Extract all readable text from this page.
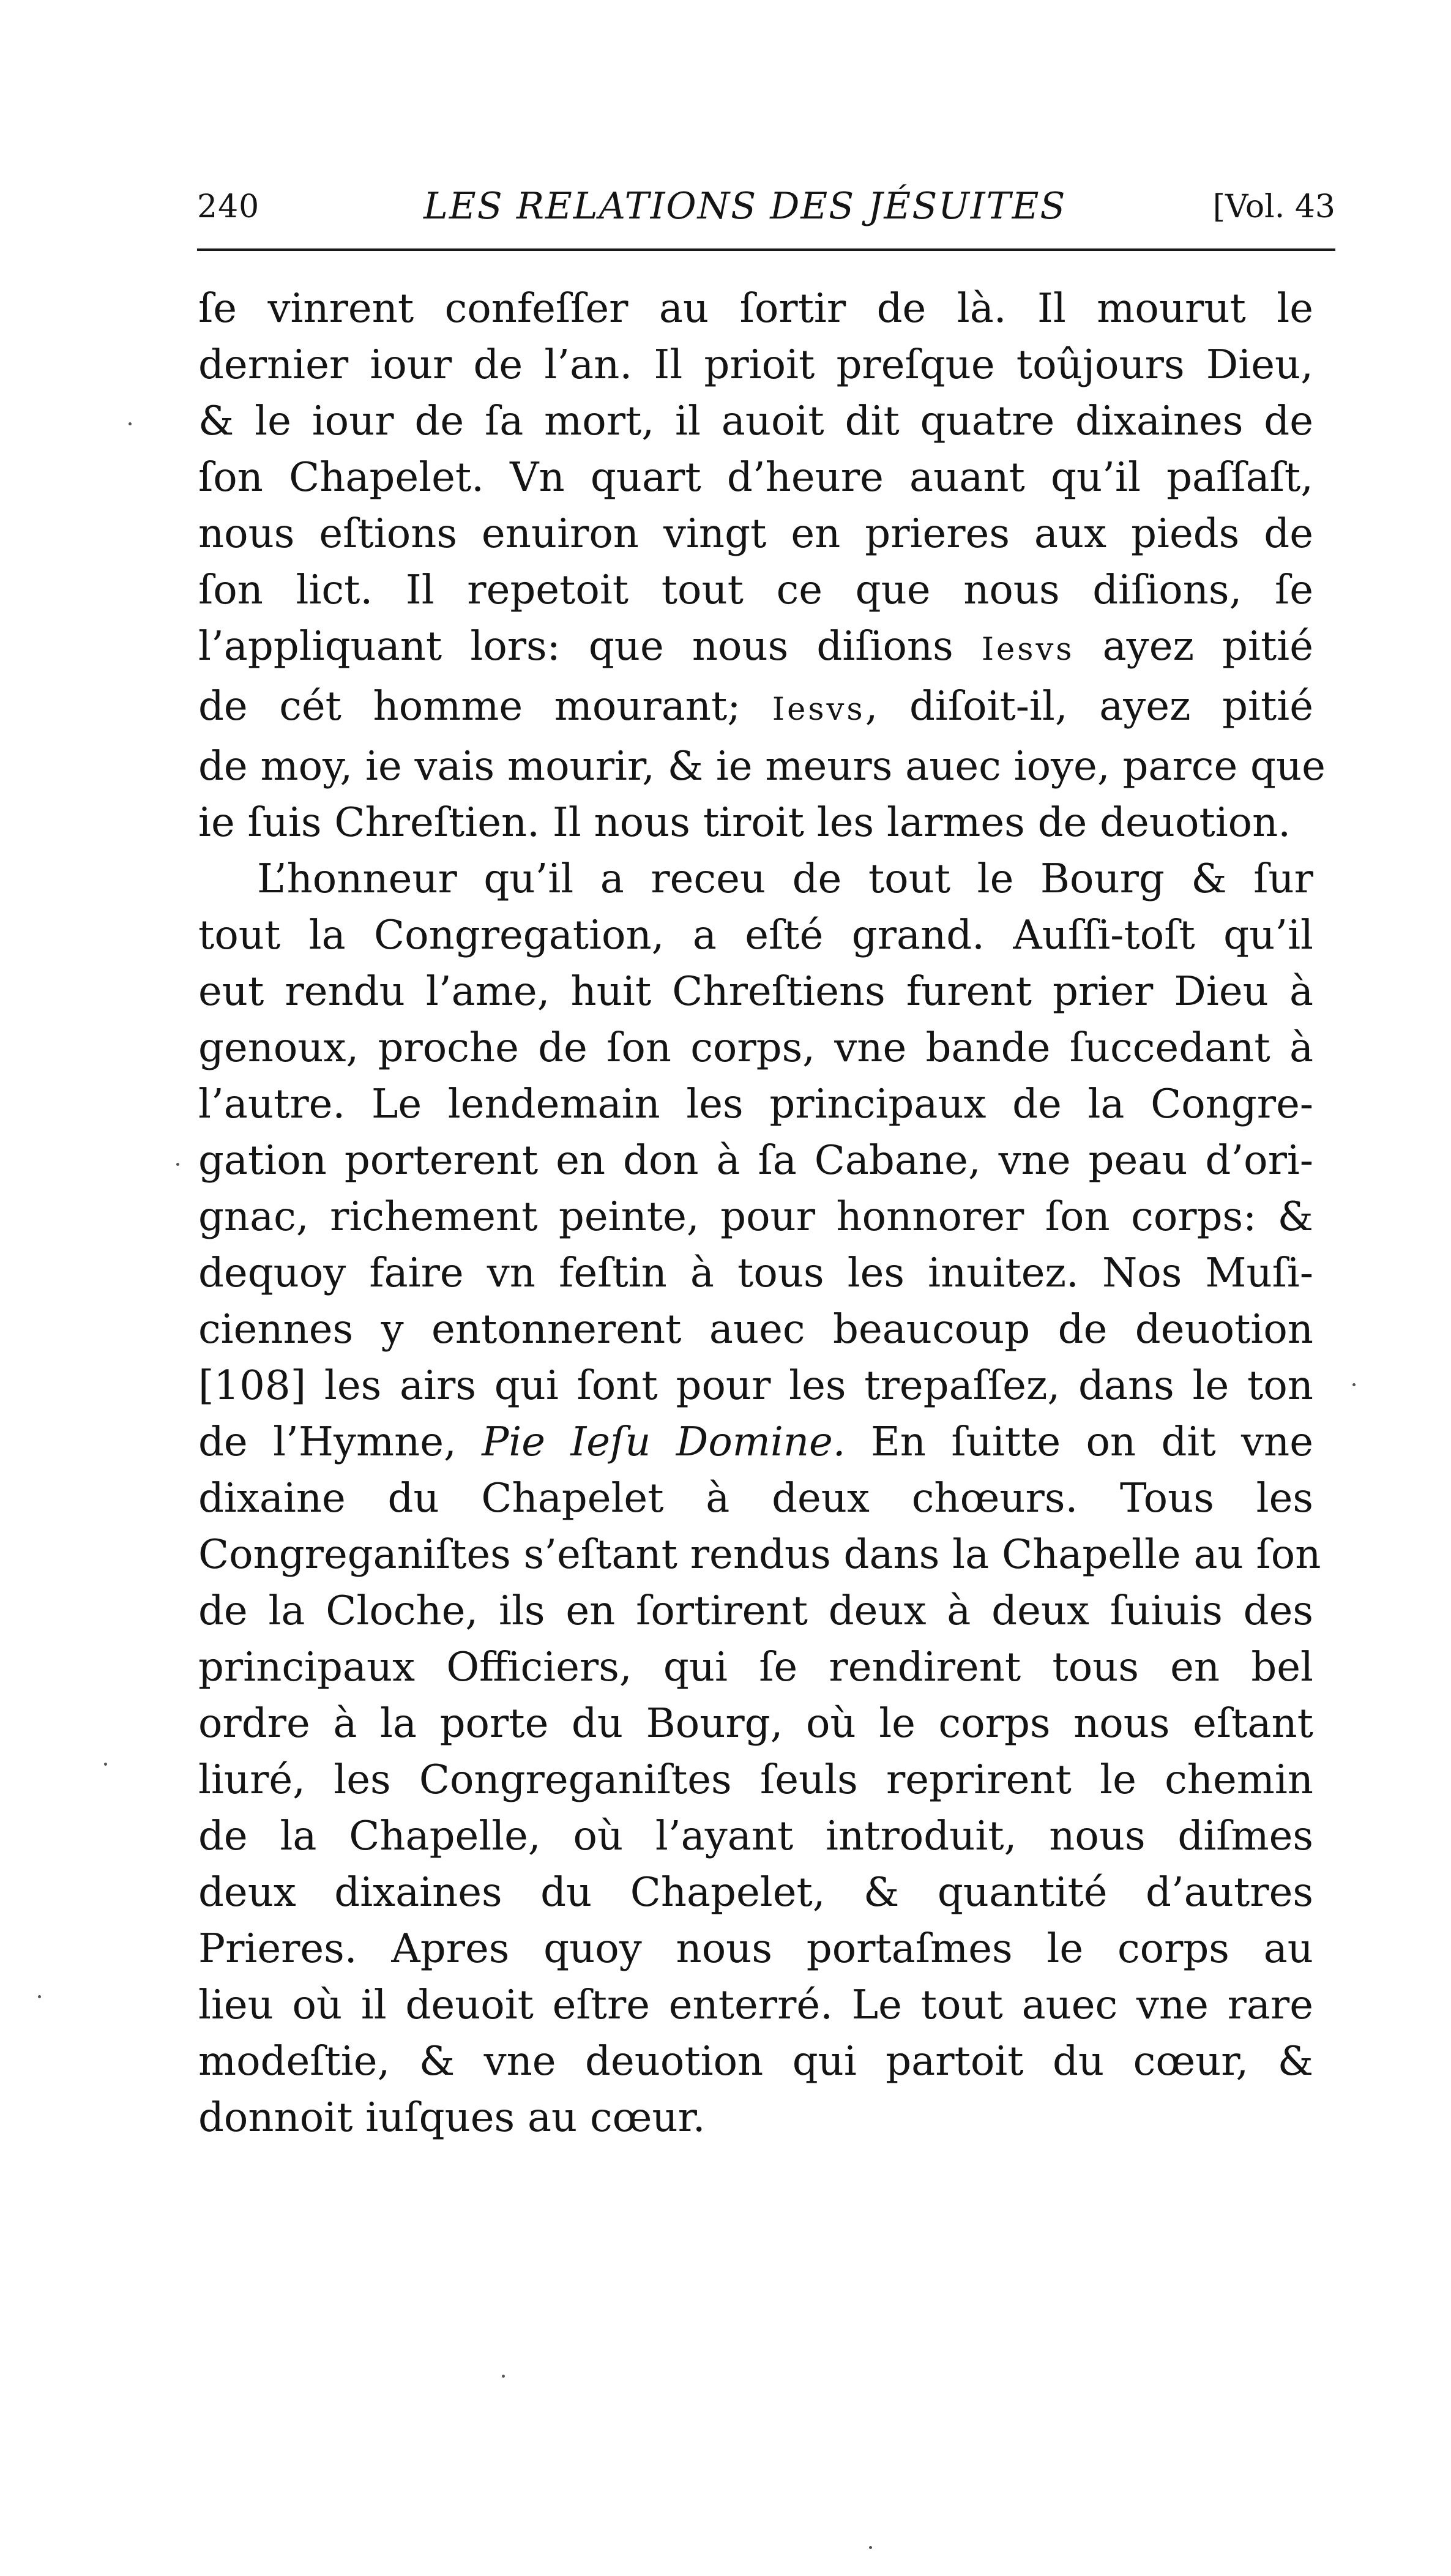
240	LES RELATIONS DES JÉSUITES	[Vol. 43
ſe vinrent confeſſer au ſortir de là. Il mourut le
dernier iour de l’an. Il prioit preſque toûjours Dieu,
& le iour de ſa mort, il auoit dit quatre dixaines de
ſon Chapelet. Vn quart d’heure auant qu’il paſſaſt,
nous eſtions enuiron vingt en prieres aux pieds de
ſon lict. Il repetoit tout ce que nous diſions, ſe
l’appliquant lors: que nous diſions Iesvs ayez pitié
de cét homme mourant; Iesvs, diſoit-il, ayez pitié
de moy, ie vais mourir, & ie meurs auec ioye, parce que
ie ſuis Chreſtien. Il nous tiroit les larmes de deuotion.
L’honneur qu’il a receu de tout le Bourg & ſur
tout la Congregation, a eſté grand. Auſſi-toſt qu’il
eut rendu l’ame, huit Chreſtiens furent prier Dieu à
genoux, proche de ſon corps, vne bande ſuccedant à
l’autre. Le lendemain les principaux de la Congre-
gation porterent en don à ſa Cabane, vne peau d’ori-
gnac, richement peinte, pour honnorer ſon corps: &
dequoy faire vn feſtin à tous les inuitez. Nos Muſi-
ciennes y entonnerent auec beaucoup de deuotion
[108] les airs qui ſont pour les trepaſſez, dans le ton
de l’Hymne, Pie Ieſu Domine. En ſuitte on dit vne
dixaine du Chapelet à deux chœurs. Tous les
Congreganiſtes s’eſtant rendus dans la Chapelle au ſon
de la Cloche, ils en ſortirent deux à deux ſuiuis des
principaux Officiers, qui ſe rendirent tous en bel
ordre à la porte du Bourg, où le corps nous eſtant
liuré, les Congreganiſtes ſeuls reprirent le chemin
de la Chapelle, où l’ayant introduit, nous diſmes
deux dixaines du Chapelet, & quantité d’autres
Prieres. Apres quoy nous portaſmes le corps au
lieu où il deuoit eſtre enterré. Le tout auec vne rare
modeſtie, & vne deuotion qui partoit du cœur, &
donnoit iuſques au cœur.
